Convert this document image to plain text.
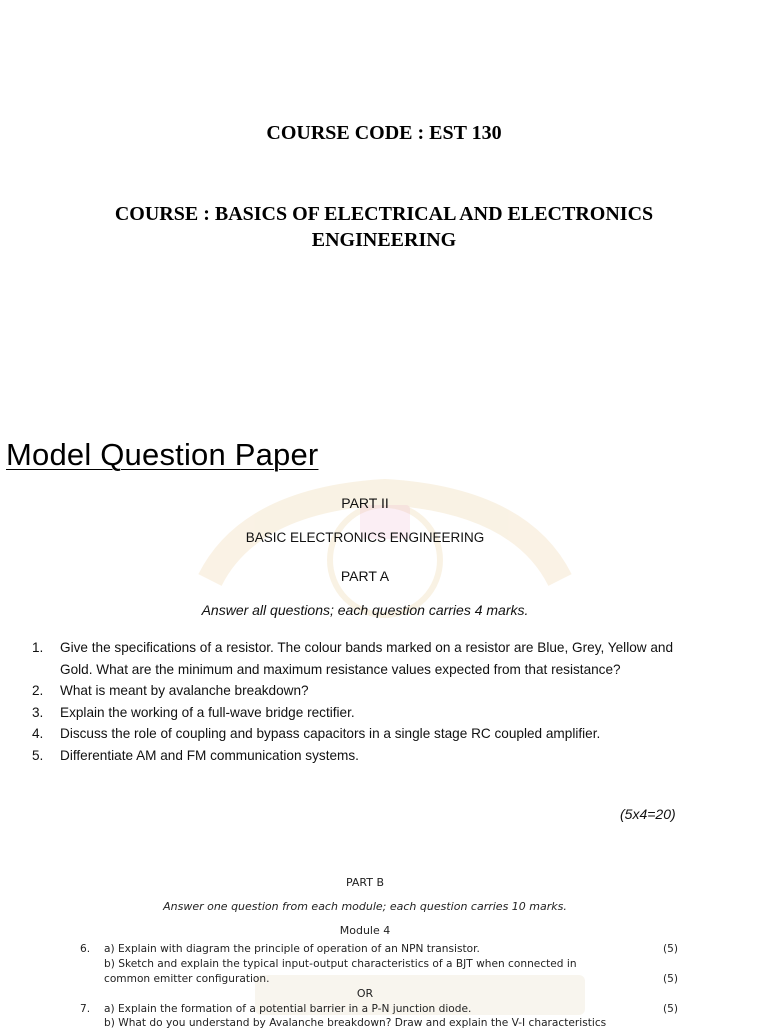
COURSE CODE : EST 130
COURSE : BASICS OF ELECTRICAL AND ELECTRONICS
ENGINEERING
Model Question Paper
PART II
BASIC ELECTRONICS ENGINEERING
PART A
Answer all questions; each question carries 4 marks.
1. Give the specifications of a resistor. The colour bands marked on a resistor are Blue, Grey, Yellow and Gold. What are the minimum and maximum resistance values expected from that resistance?
2. What is meant by avalanche breakdown?
3. Explain the working of a full-wave bridge rectifier.
4. Discuss the role of coupling and bypass capacitors in a single stage RC coupled amplifier.
5. Differentiate AM and FM communication systems.
(5x4=20)
PART B
Answer one question from each module; each question carries 10 marks.
Module 4
6. a) Explain with diagram the principle of operation of an NPN transistor.	(5)
b) Sketch and explain the typical input-output characteristics of a BJT when connected in
common emitter configuration.	(5)
OR
7. a) Explain the formation of a potential barrier in a P-N junction diode.	(5)
b) What do you understand by Avalanche breakdown? Draw and explain the V-I characteristics
